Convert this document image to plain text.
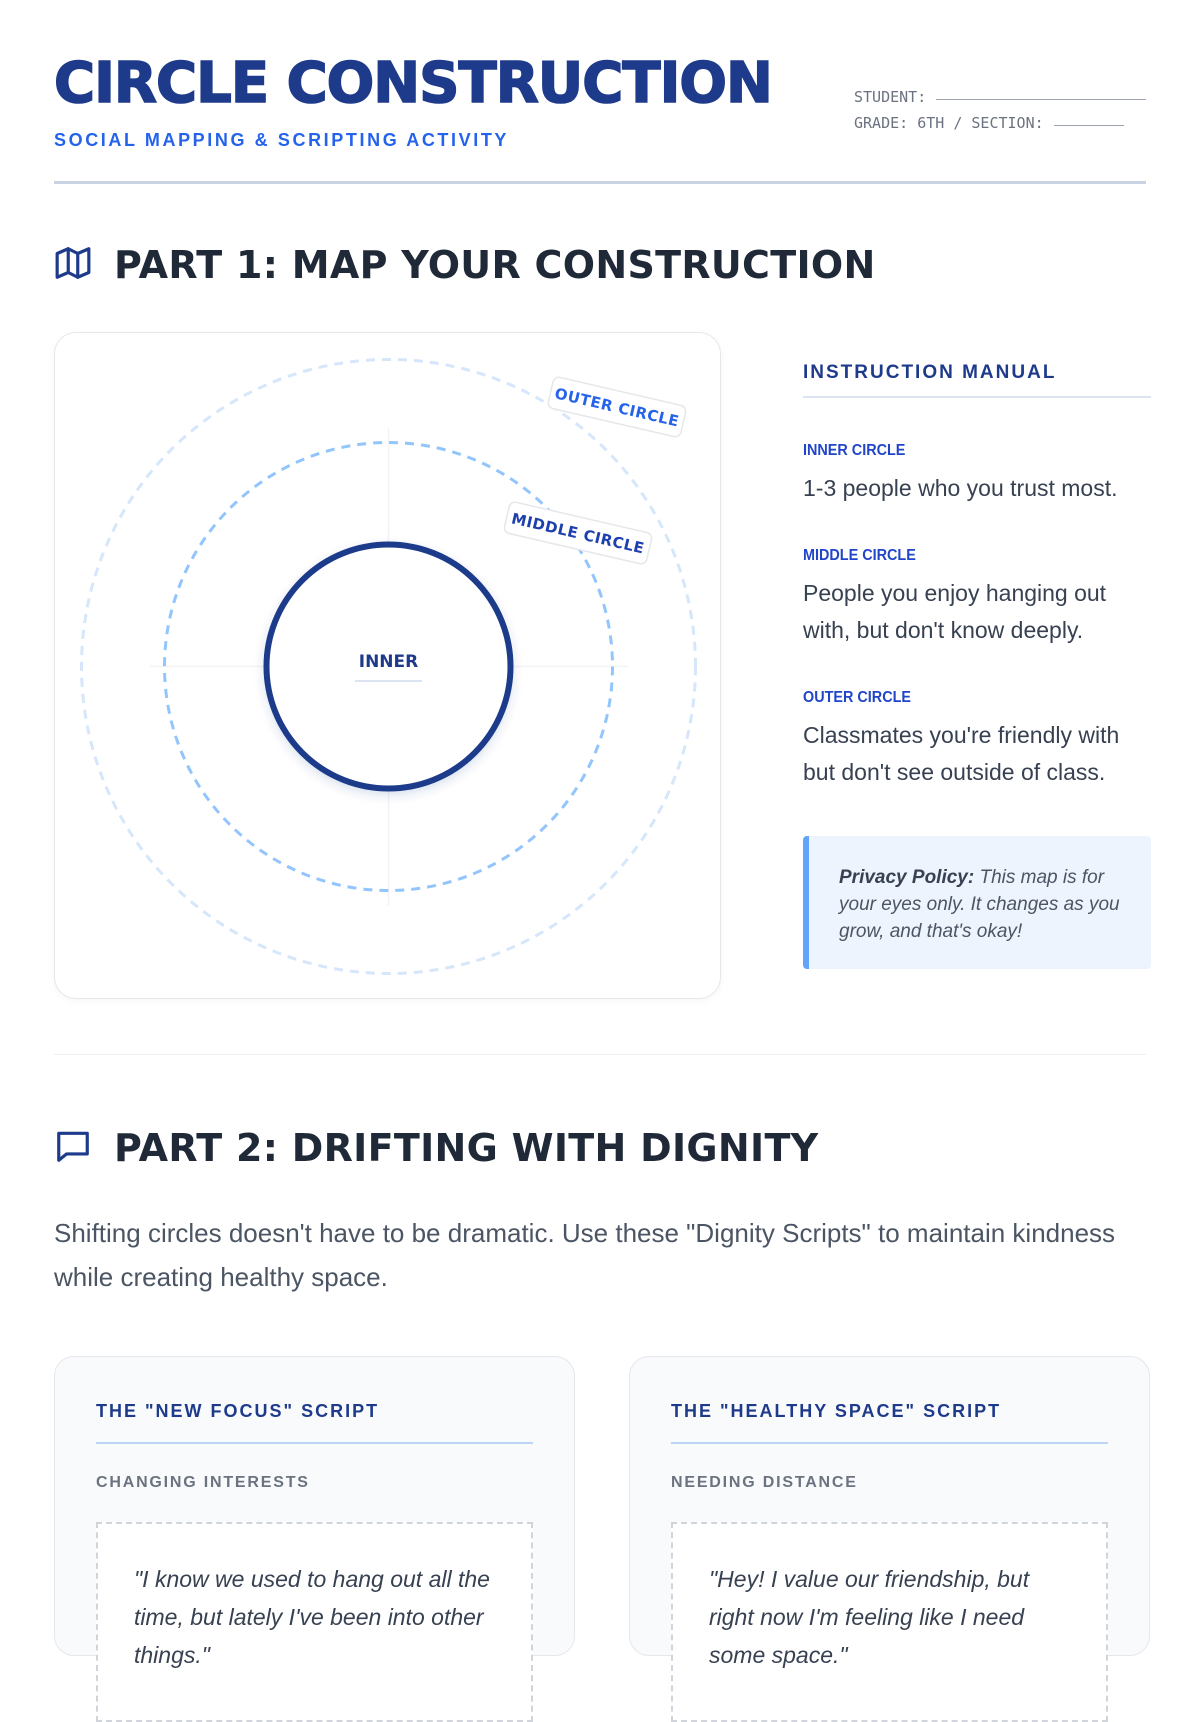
CIRCLE CONSTRUCTION
SOCIAL MAPPING & SCRIPTING ACTIVITY
STUDENT:
GRADE: 6TH / SECTION:
PART 1: MAP YOUR CONSTRUCTION
OUTER CIRCLE
MIDDLE CIRCLE
INNER
INSTRUCTION MANUAL
INNER CIRCLE
1-3 people who you trust most.
MIDDLE CIRCLE
People you enjoy hanging out with, but don't know deeply.
OUTER CIRCLE
Classmates you're friendly with but don't see outside of class.
Privacy Policy: This map is for your eyes only. It changes as you grow, and that's okay!
PART 2: DRIFTING WITH DIGNITY
Shifting circles doesn't have to be dramatic. Use these "Dignity Scripts" to maintain kindness while creating healthy space.
THE "NEW FOCUS" SCRIPT
CHANGING INTERESTS
"I know we used to hang out all the time, but lately I've been into other things."
THE "HEALTHY SPACE" SCRIPT
NEEDING DISTANCE
"Hey! I value our friendship, but right now I'm feeling like I need some space."
